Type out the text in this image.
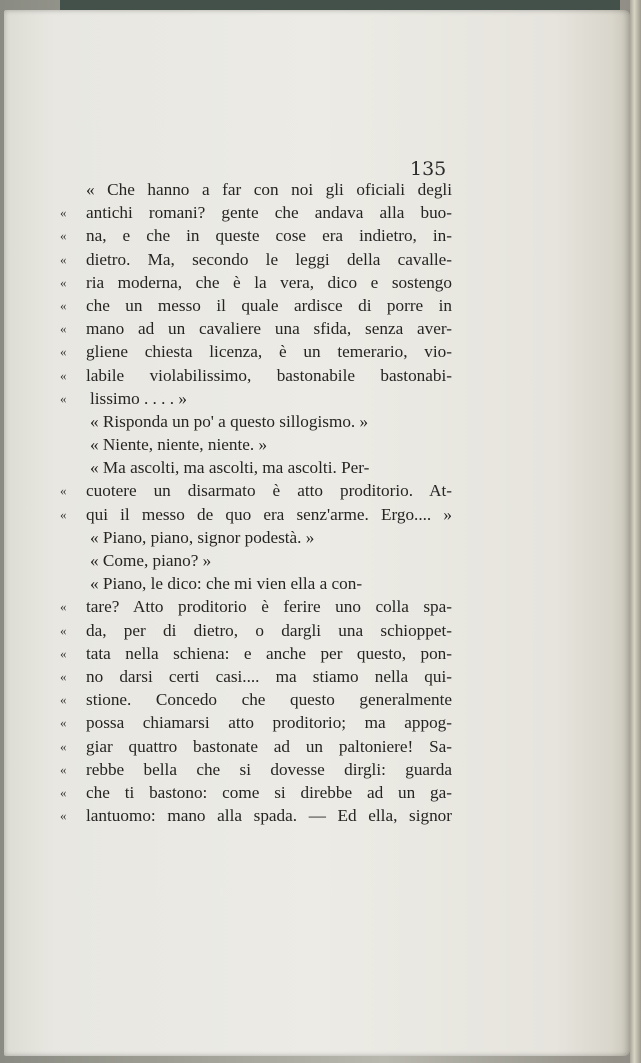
135
« Che hanno a far con noi gli oficiali degli
«	antichi romani? gente che andava alla buo-
«	na, e che in queste cose era indietro, in-
«	dietro. Ma, secondo le leggi della cavalle-
«	ria moderna, che è la vera, dico e sostengo
«	che un messo il quale ardisce di porre in
«	mano ad un cavaliere una sfida, senza aver-
«	gliene chiesta licenza, è un temerario, vio-
«	labile violabilissimo, bastonabile bastonabi-
«	lissimo . . . . »
« Risponda un po' a questo sillogismo. »
« Niente, niente, niente. »
« Ma ascolti, ma ascolti, ma ascolti. Per-
«	cuotere un disarmato è atto proditorio. At-
«	qui il messo de quo era senz'arme. Ergo.... »
« Piano, piano, signor podestà. »
« Come, piano? »
« Piano, le dico: che mi vien ella a con-
«	tare? Atto proditorio è ferire uno colla spa-
«	da, per di dietro, o dargli una schioppet-
«	tata nella schiena: e anche per questo, pon-
«	no darsi certi casi.... ma stiamo nella qui-
«	stione. Concedo che questo generalmente
«	possa chiamarsi atto proditorio; ma appog-
«	giar quattro bastonate ad un paltoniere! Sa-
«	rebbe bella che si dovesse dirgli: guarda
«	che ti bastono: come si direbbe ad un ga-
«	lantuomo: mano alla spada. — Ed ella, signor
